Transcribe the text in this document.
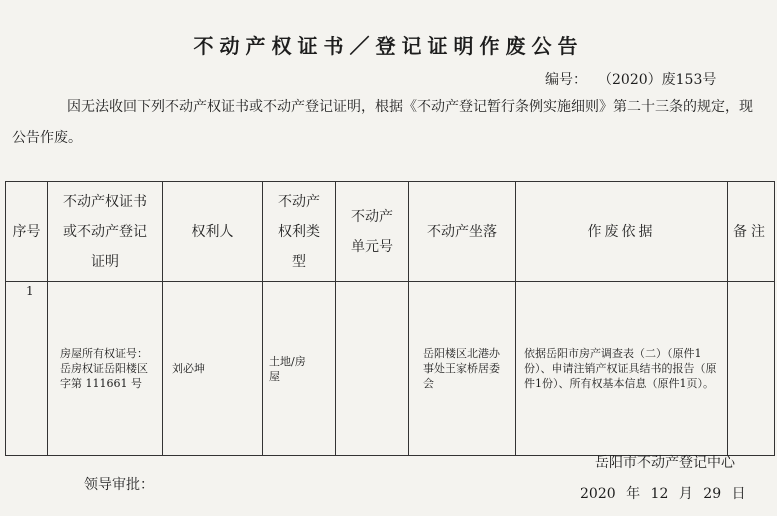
不动产权证书／登记证明作废公告
编号： （2020）废153号
因无法收回下列不动产权证书或不动产登记证明，根据《不动产登记暂行条例实施细则》第二十三条的规定，现公告作废。
序号	不动产权证书或不动产登记证明	权利人	不动产权利类型	不动产单元号	不动产坐落	作废依据	备注
1	房屋所有权证号：岳房权证岳阳楼区字第 111661 号	刘必坤	土地/房屋		岳阳楼区北港办事处王家桥居委会	依据岳阳市房产调查表（二）（原件1份）、申请注销产权证具结书的报告（原件1份）、所有权基本信息（原件1页）。	
岳阳市不动产登记中心
领导审批：
2020 年 12 月 29 日
